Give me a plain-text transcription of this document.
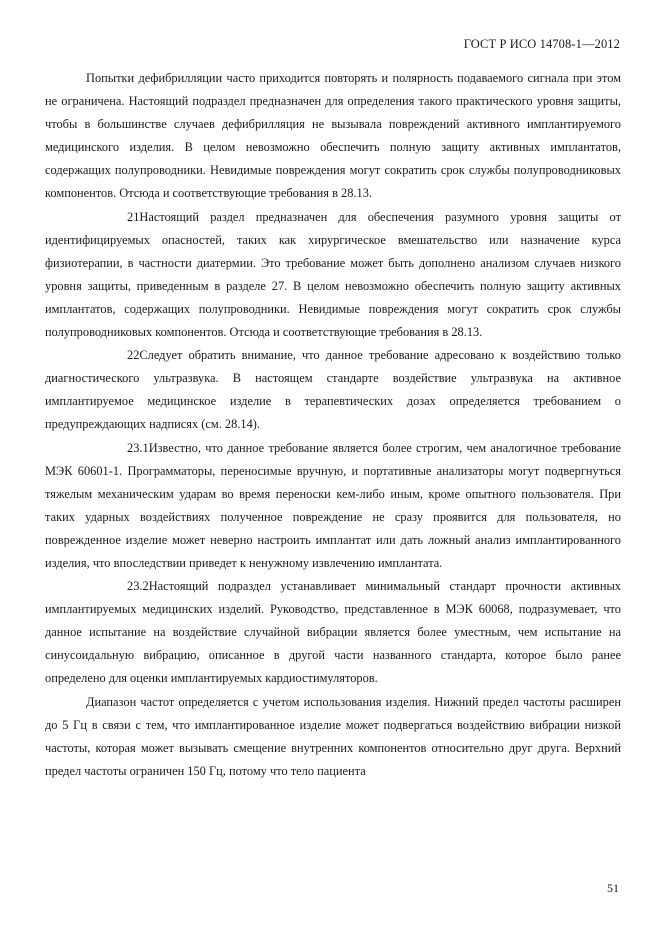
ГОСТ Р ИСО 14708-1—2012

Попытки дефибрилляции часто приходится повторять и полярность подаваемого сигнала при этом не ограничена. Настоящий подраздел предназначен для определения такого практического уровня защиты, чтобы в большинстве случаев дефибрилляция не вызывала повреждений активного имплантируемого медицинского изделия. В целом невозможно обеспечить полную защиту активных имплантатов, содержащих полупроводники. Невидимые повреждения могут сократить срок службы полупроводниковых компонентов. Отсюда и соответствующие требования в 28.13.

21Настоящий раздел предназначен для обеспечения разумного уровня защиты от идентифицируемых опасностей, таких как хирургическое вмешательство или назначение курса физиотерапии, в частности диатермии. Это требование может быть дополнено анализом случаев низкого уровня защиты, приведенным в разделе 27. В целом невозможно обеспечить полную защиту активных имплантатов, содержащих полупроводники. Невидимые повреждения могут сократить срок службы полупроводниковых компонентов. Отсюда и соответствующие требования в 28.13.

22Следует обратить внимание, что данное требование адресовано к воздействию только диагностического ультразвука. В настоящем стандарте воздействие ультразвука на активное имплантируемое медицинское изделие в терапевтических дозах определяется требованием о предупреждающих надписях (см. 28.14).

23.1Известно, что данное требование является более строгим, чем аналогичное требование МЭК 60601-1. Программаторы, переносимые вручную, и портативные анализаторы могут подвергнуться тяжелым механическим ударам во время переноски кем-либо иным, кроме опытного пользователя. При таких ударных воздействиях полученное повреждение не сразу проявится для пользователя, но поврежденное изделие может неверно настроить имплантат или дать ложный анализ имплантированного изделия, что впоследствии приведет к ненужному извлечению имплантата.

23.2Настоящий подраздел устанавливает минимальный стандарт прочности активных имплантируемых медицинских изделий. Руководство, представленное в МЭК 60068, подразумевает, что данное испытание на воздействие случайной вибрации является более уместным, чем испытание на синусоидальную вибрацию, описанное в другой части названного стандарта, которое было ранее определено для оценки имплантируемых кардиостимуляторов.

Диапазон частот определяется с учетом использования изделия. Нижний предел частоты расширен до 5 Гц в связи с тем, что имплантированное изделие может подвергаться воздействию вибрации низкой частоты, которая может вызывать смещение внутренних компонентов относительно друг друга. Верхний предел частоты ограничен 150 Гц, потому что тело пациента

51
